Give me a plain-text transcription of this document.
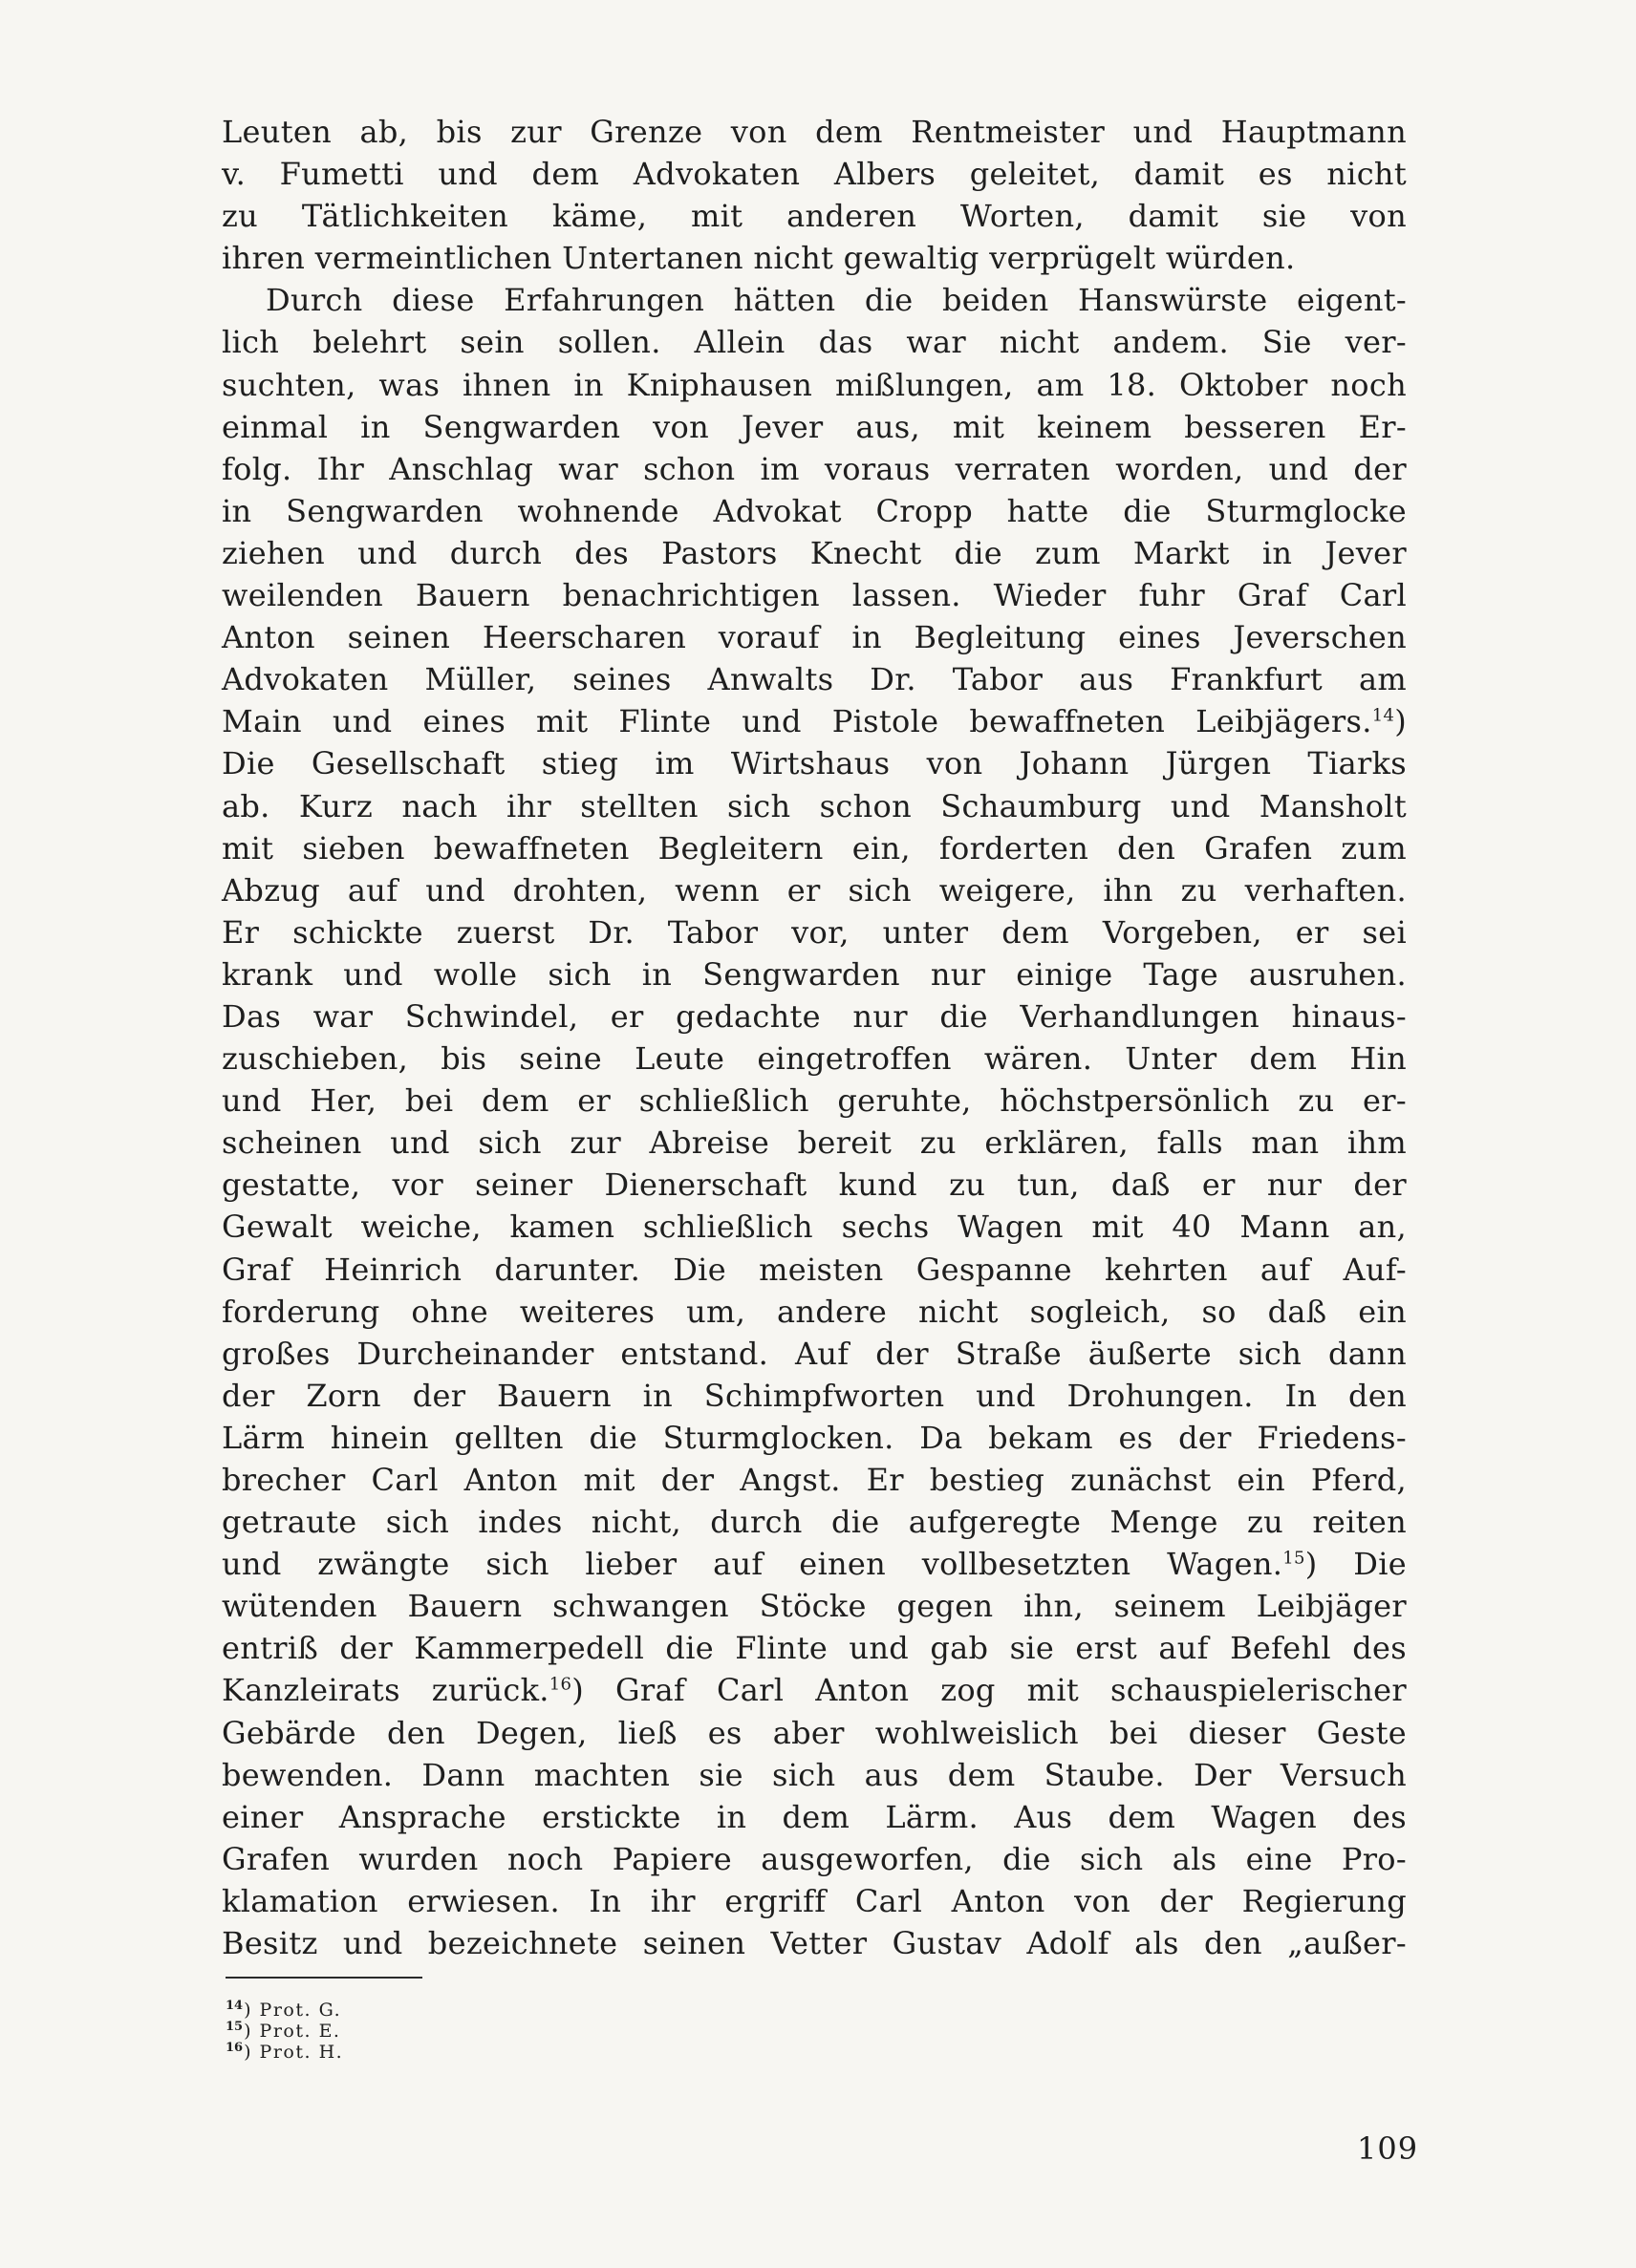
Leuten ab, bis zur Grenze von dem Rentmeister und Hauptmann
v. Fumetti und dem Advokaten Albers geleitet, damit es nicht
zu Tätlichkeiten käme, mit anderen Worten, damit sie von
ihren vermeintlichen Untertanen nicht gewaltig verprügelt würden.
Durch diese Erfahrungen hätten die beiden Hanswürste eigent-
lich belehrt sein sollen. Allein das war nicht andem. Sie ver-
suchten, was ihnen in Kniphausen mißlungen, am 18. Oktober noch
einmal in Sengwarden von Jever aus, mit keinem besseren Er-
folg. Ihr Anschlag war schon im voraus verraten worden, und der
in Sengwarden wohnende Advokat Cropp hatte die Sturmglocke
ziehen und durch des Pastors Knecht die zum Markt in Jever
weilenden Bauern benachrichtigen lassen. Wieder fuhr Graf Carl
Anton seinen Heerscharen vorauf in Begleitung eines Jeverschen
Advokaten Müller, seines Anwalts Dr. Tabor aus Frankfurt am
Main und eines mit Flinte und Pistole bewaffneten Leibjägers.$^{14}$)
Die Gesellschaft stieg im Wirtshaus von Johann Jürgen Tiarks
ab. Kurz nach ihr stellten sich schon Schaumburg und Mansholt
mit sieben bewaffneten Begleitern ein, forderten den Grafen zum
Abzug auf und drohten, wenn er sich weigere, ihn zu verhaften.
Er schickte zuerst Dr. Tabor vor, unter dem Vorgeben, er sei
krank und wolle sich in Sengwarden nur einige Tage ausruhen.
Das war Schwindel, er gedachte nur die Verhandlungen hinaus-
zuschieben, bis seine Leute eingetroffen wären. Unter dem Hin
und Her, bei dem er schließlich geruhte, höchstpersönlich zu er-
scheinen und sich zur Abreise bereit zu erklären, falls man ihm
gestatte, vor seiner Dienerschaft kund zu tun, daß er nur der
Gewalt weiche, kamen schließlich sechs Wagen mit 40 Mann an,
Graf Heinrich darunter. Die meisten Gespanne kehrten auf Auf-
forderung ohne weiteres um, andere nicht sogleich, so daß ein
großes Durcheinander entstand. Auf der Straße äußerte sich dann
der Zorn der Bauern in Schimpfworten und Drohungen. In den
Lärm hinein gellten die Sturmglocken. Da bekam es der Friedens-
brecher Carl Anton mit der Angst. Er bestieg zunächst ein Pferd,
getraute sich indes nicht, durch die aufgeregte Menge zu reiten
und zwängte sich lieber auf einen vollbesetzten Wagen.$^{15}$) Die
wütenden Bauern schwangen Stöcke gegen ihn, seinem Leibjäger
entriß der Kammerpedell die Flinte und gab sie erst auf Befehl des
Kanzleirats zurück.$^{16}$) Graf Carl Anton zog mit schauspielerischer
Gebärde den Degen, ließ es aber wohlweislich bei dieser Geste
bewenden. Dann machten sie sich aus dem Staube. Der Versuch
einer Ansprache erstickte in dem Lärm. Aus dem Wagen des
Grafen wurden noch Papiere ausgeworfen, die sich als eine Pro-
klamation erwiesen. In ihr ergriff Carl Anton von der Regierung
Besitz und bezeichnete seinen Vetter Gustav Adolf als den „außer-
$^{14}$) Prot. G.
$^{15}$) Prot. E.
$^{16}$) Prot. H.
109
